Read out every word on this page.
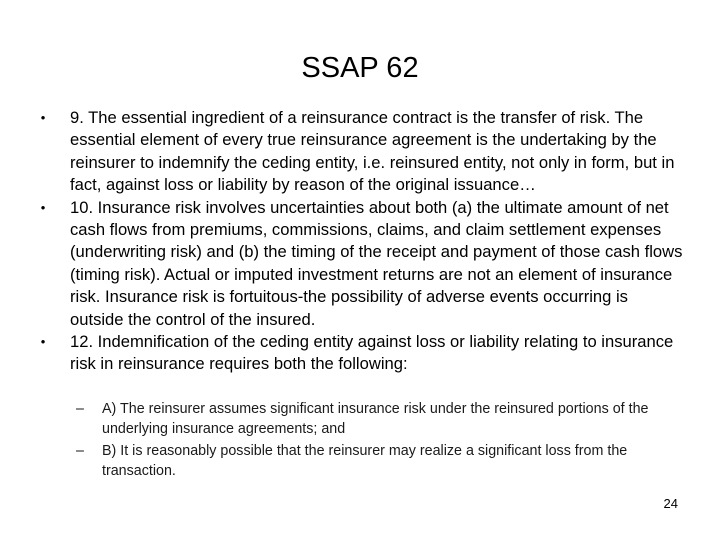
SSAP 62
• 9. The essential ingredient of a reinsurance contract is the transfer of risk. The essential element of every true reinsurance agreement is the undertaking by the reinsurer to indemnify the ceding entity, i.e. reinsured entity, not only in form, but in fact, against loss or liability by reason of the original issuance…
• 10. Insurance risk involves uncertainties about both (a) the ultimate amount of net cash flows from premiums, commissions, claims, and claim settlement expenses (underwriting risk) and (b) the timing of the receipt and payment of those cash flows (timing risk). Actual or imputed investment returns are not an element of insurance risk. Insurance risk is fortuitous-the possibility of adverse events occurring is outside the control of the insured.
• 12. Indemnification of the ceding entity against loss or liability relating to insurance risk in reinsurance requires both the following:
–	A) The reinsurer assumes significant insurance risk under the reinsured portions of the underlying insurance agreements; and
–	B) It is reasonably possible that the reinsurer may realize a significant loss from the transaction.
24
